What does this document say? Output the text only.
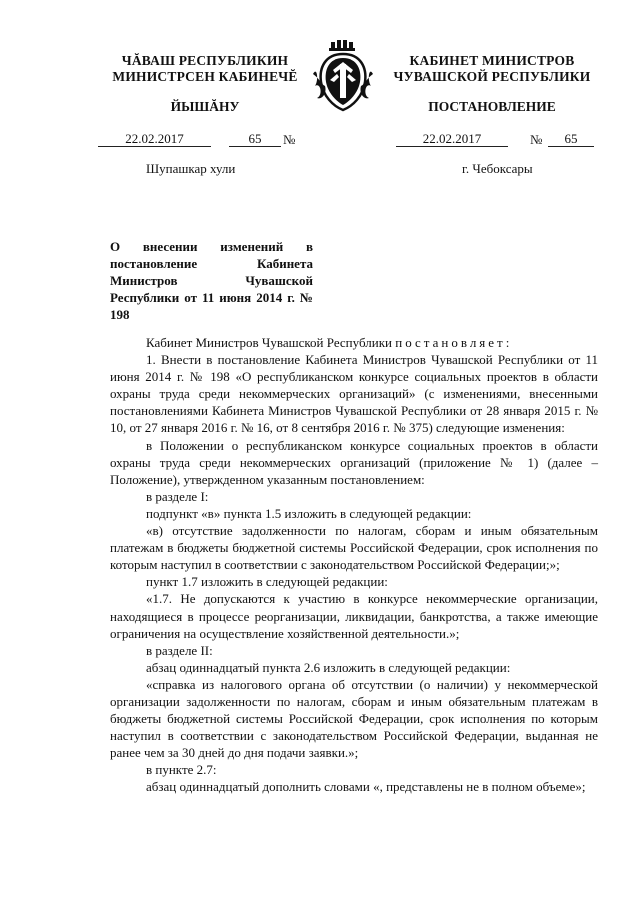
ЧĂВАШ РЕСПУБЛИКИН
МИНИСТРСЕН КАБИНЕЧĔ
ЙЫШĂНУ
КАБИНЕТ МИНИСТРОВ
ЧУВАШСКОЙ РЕСПУБЛИКИ
ПОСТАНОВЛЕНИЕ
22.02.2017	65	№	22.02.2017	№	65
Шупашкар хули	г. Чебоксары
О внесении изменений в постановление Кабинета Министров Чувашской Республики от 11 июня 2014 г. № 198

Кабинет Министров Чувашской Республики постановляет:

1. Внести в постановление Кабинета Министров Чувашской Республики от 11 июня 2014 г. № 198 «О республиканском конкурсе социальных проектов в области охраны труда среди некоммерческих организаций» (с изменениями, внесенными постановлениями Кабинета Министров Чувашской Республики от 28 января 2015 г. № 10, от 27 января 2016 г. № 16, от 8 сентября 2016 г. № 375) следующие изменения:

в Положении о республиканском конкурсе социальных проектов в области охраны труда среди некоммерческих организаций (приложение № 1) (далее – Положение), утвержденном указанным постановлением:

в разделе I:

подпункт «в» пункта 1.5 изложить в следующей редакции:

«в) отсутствие задолженности по налогам, сборам и иным обязательным платежам в бюджеты бюджетной системы Российской Федерации, срок исполнения по которым наступил в соответствии с законодательством Российской Федерации;»;

пункт 1.7 изложить в следующей редакции:

«1.7. Не допускаются к участию в конкурсе некоммерческие организации, находящиеся в процессе реорганизации, ликвидации, банкротства, а также имеющие ограничения на осуществление хозяйственной деятельности.»;

в разделе II:

абзац одиннадцатый пункта 2.6 изложить в следующей редакции:

«справка из налогового органа об отсутствии (о наличии) у некоммерческой организации задолженности по налогам, сборам и иным обязательным платежам в бюджеты бюджетной системы Российской Федерации, срок исполнения по которым наступил в соответствии с законодательством Российской Федерации, выданная не ранее чем за 30 дней до дня подачи заявки.»;

в пункте 2.7:

абзац одиннадцатый дополнить словами «, представлены не в полном объеме»;
